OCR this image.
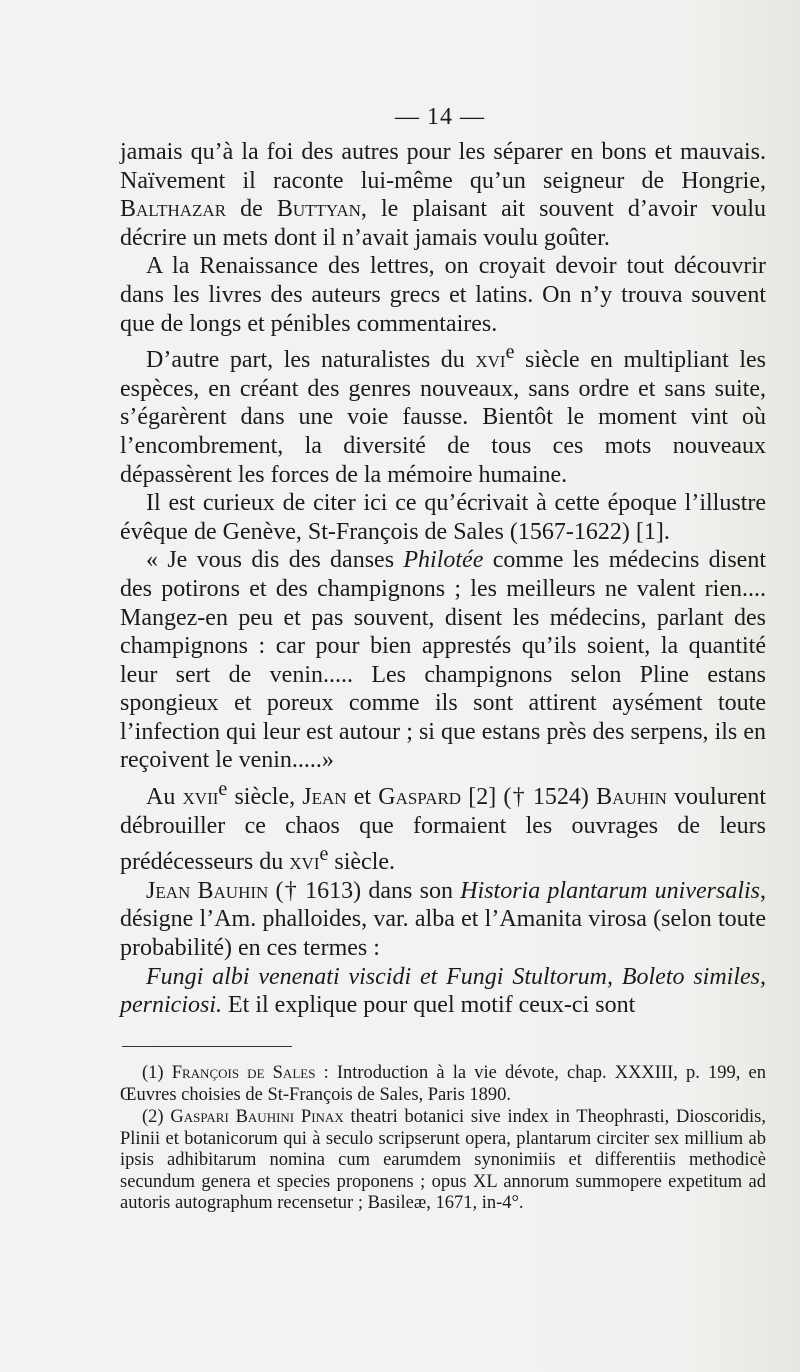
— 14 —

jamais qu’à la foi des autres pour les séparer en bons et mauvais. Naïvement il raconte lui-même qu’un seigneur de Hongrie, Balthazar de Buttyan, le plaisant ait souvent d’avoir voulu décrire un mets dont il n’avait jamais voulu goûter.

A la Renaissance des lettres, on croyait devoir tout découvrir dans les livres des auteurs grecs et latins. On n’y trouva souvent que de longs et pénibles commentaires.

D’autre part, les naturalistes du xvi$^e$ siècle en multipliant les espèces, en créant des genres nouveaux, sans ordre et sans suite, s’égarèrent dans une voie fausse. Bientôt le moment vint où l’encombrement, la diversité de tous ces mots nouveaux dépassèrent les forces de la mémoire humaine.

Il est curieux de citer ici ce qu’écrivait à cette époque l’illustre évêque de Genève, St-François de Sales (1567-1622) [1].

« Je vous dis des danses Philotée comme les médecins disent des potirons et des champignons ; les meilleurs ne valent rien.... Mangez-en peu et pas souvent, disent les médecins, parlant des champignons : car pour bien apprestés qu’ils soient, la quantité leur sert de venin..... Les champignons selon Pline estans spongieux et poreux comme ils sont attirent aysément toute l’infection qui leur est autour ; si que estans près des serpens, ils en reçoivent le venin.....»

Au xvii$^e$ siècle, Jean et Gaspard [2] († 1524) Bauhin voulurent débrouiller ce chaos que formaient les ouvrages de leurs prédécesseurs du xvi$^e$ siècle.

Jean Bauhin († 1613) dans son Historia plantarum universalis, désigne l’Am. phalloides, var. alba et l’Amanita virosa (selon toute probabilité) en ces termes :

Fungi albi venenati viscidi et Fungi Stultorum, Boleto similes, perniciosi. Et il explique pour quel motif ceux-ci sont

(1) François de Sales : Introduction à la vie dévote, chap. XXXIII, p. 199, en Œuvres choisies de St-François de Sales, Paris 1890.

(2) Gaspari Bauhini Pinax theatri botanici sive index in Theophrasti, Dioscoridis, Plinii et botanicorum qui à seculo scripserunt opera, plantarum circiter sex millium ab ipsis adhibitarum nomina cum earumdem synonimiis et differentiis methodicè secundum genera et species proponens ; opus XL annorum summopere expetitum ad autoris autographum recensetur ; Basileæ, 1671, in-4°.
